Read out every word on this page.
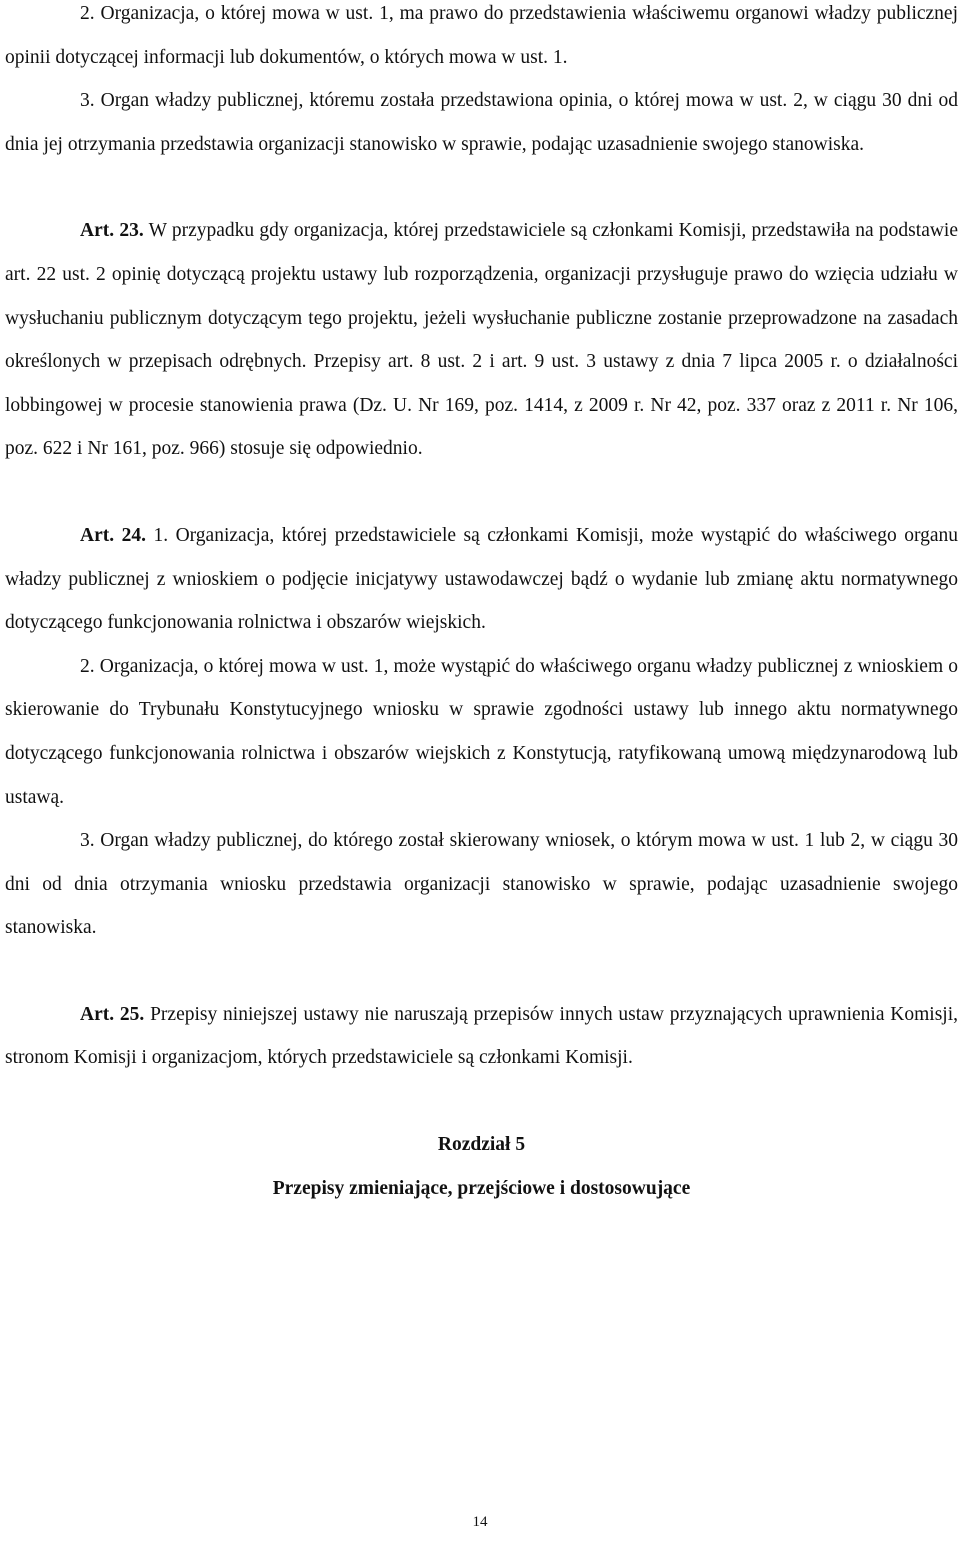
2. Organizacja, o której mowa w ust. 1, ma prawo do przedstawienia właściwemu organowi władzy publicznej opinii dotyczącej informacji lub dokumentów, o których mowa w ust. 1.

3. Organ władzy publicznej, któremu została przedstawiona opinia, o której mowa w ust. 2, w ciągu 30 dni od dnia jej otrzymania przedstawia organizacji stanowisko w sprawie, podając uzasadnienie swojego stanowiska.

Art. 23. W przypadku gdy organizacja, której przedstawiciele są członkami Komisji, przedstawiła na podstawie art. 22 ust. 2 opinię dotyczącą projektu ustawy lub rozporządzenia, organizacji przysługuje prawo do wzięcia udziału w wysłuchaniu publicznym dotyczącym tego projektu, jeżeli wysłuchanie publiczne zostanie przeprowadzone na zasadach określonych w przepisach odrębnych. Przepisy art. 8 ust. 2 i art. 9 ust. 3 ustawy z dnia 7 lipca 2005 r. o działalności lobbingowej w procesie stanowienia prawa (Dz. U. Nr 169, poz. 1414, z 2009 r. Nr 42, poz. 337 oraz z 2011 r. Nr 106, poz. 622 i Nr 161, poz. 966) stosuje się odpowiednio.

Art. 24. 1. Organizacja, której przedstawiciele są członkami Komisji, może wystąpić do właściwego organu władzy publicznej z wnioskiem o podjęcie inicjatywy ustawodawczej bądź o wydanie lub zmianę aktu normatywnego dotyczącego funkcjonowania rolnictwa i obszarów wiejskich.

2. Organizacja, o której mowa w ust. 1, może wystąpić do właściwego organu władzy publicznej z wnioskiem o skierowanie do Trybunału Konstytucyjnego wniosku w sprawie zgodności ustawy lub innego aktu normatywnego dotyczącego funkcjonowania rolnictwa i obszarów wiejskich z Konstytucją, ratyfikowaną umową międzynarodową lub ustawą.

3. Organ władzy publicznej, do którego został skierowany wniosek, o którym mowa w ust. 1 lub 2, w ciągu 30 dni od dnia otrzymania wniosku przedstawia organizacji stanowisko w sprawie, podając uzasadnienie swojego stanowiska.

Art. 25. Przepisy niniejszej ustawy nie naruszają przepisów innych ustaw przyznających uprawnienia Komisji, stronom Komisji i organizacjom, których przedstawiciele są członkami Komisji.

Rozdział 5

Przepisy zmieniające, przejściowe i dostosowujące

14
